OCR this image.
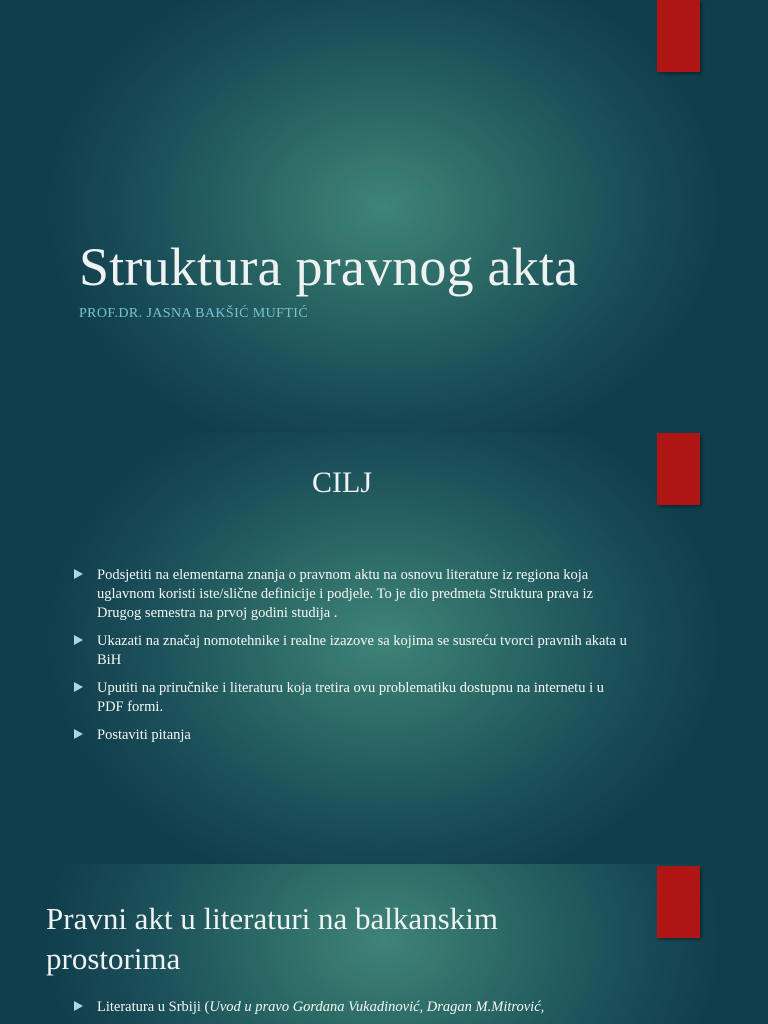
Struktura pravnog akta
PROF.DR. JASNA BAKŠIĆ MUFTIĆ
CILJ
Podsjetiti na elementarna znanja o pravnom aktu na osnovu literature iz regiona koja uglavnom koristi iste/slične definicije i podjele. To je dio predmeta Struktura prava iz Drugog semestra na prvoj godini studija .
Ukazati na značaj nomotehnike i realne izazove sa kojima se susreću tvorci pravnih akata u BiH
Uputiti na priručnike i literaturu koja tretira ovu problematiku dostupnu na internetu i u PDF formi.
Postaviti pitanja
Pravni akt u literaturi na balkanskim prostorima
Literatura u Srbiji (Uvod u pravo Gordana Vukadinović, Dragan M.Mitrović,
